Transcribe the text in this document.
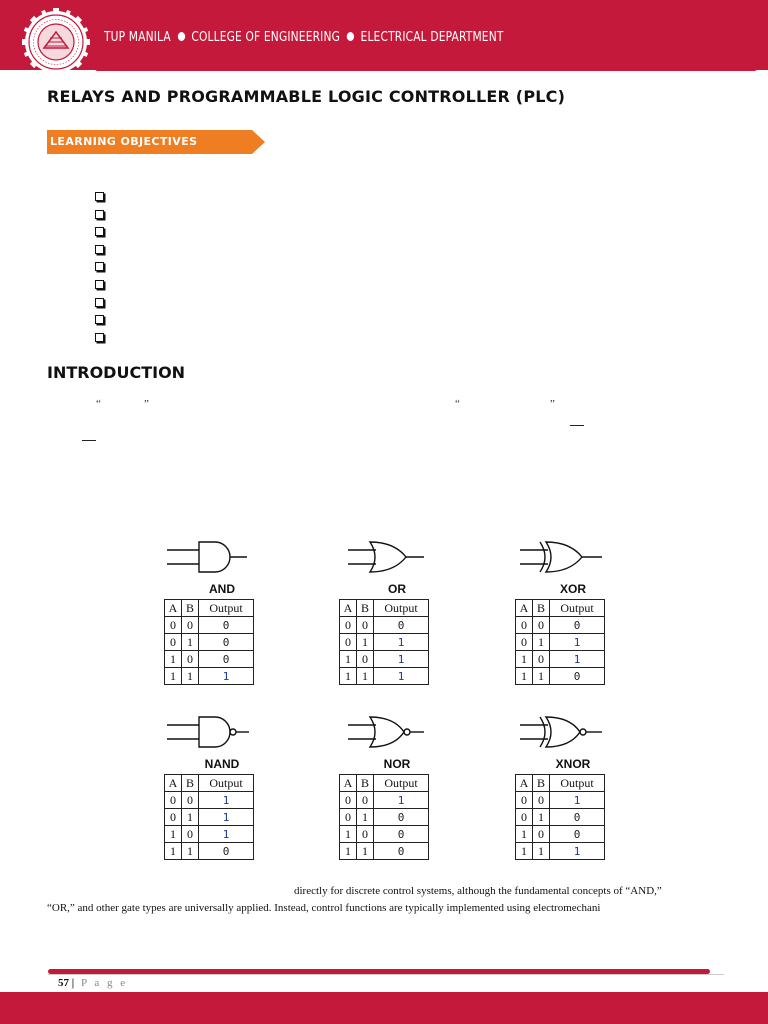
TUP MANILA COLLEGE OF ENGINEERING ELECTRICAL DEPARTMENT
RELAYS AND PROGRAMMABLE LOGIC CONTROLLER (PLC)
LEARNING OBJECTIVES
INTRODUCTION
“	”	“	”
AND
A	B	Output
0	0	0
0	1	0
1	0	0
1	1	1
OR
A	B	Output
0	0	0
0	1	1
1	0	1
1	1	1
XOR
A	B	Output
0	0	0
0	1	1
1	0	1
1	1	0
NAND
A	B	Output
0	0	1
0	1	1
1	0	1
1	1	0
NOR
A	B	Output
0	0	1
0	1	0
1	0	0
1	1	0
XNOR
A	B	Output
0	0	1
0	1	0
1	0	0
1	1	1
directly for discrete control systems, although the fundamental concepts of “AND,”
“OR,” and other gate types are universally applied. Instead, control functions are typically implemented using electromechani
57 | P a g e
